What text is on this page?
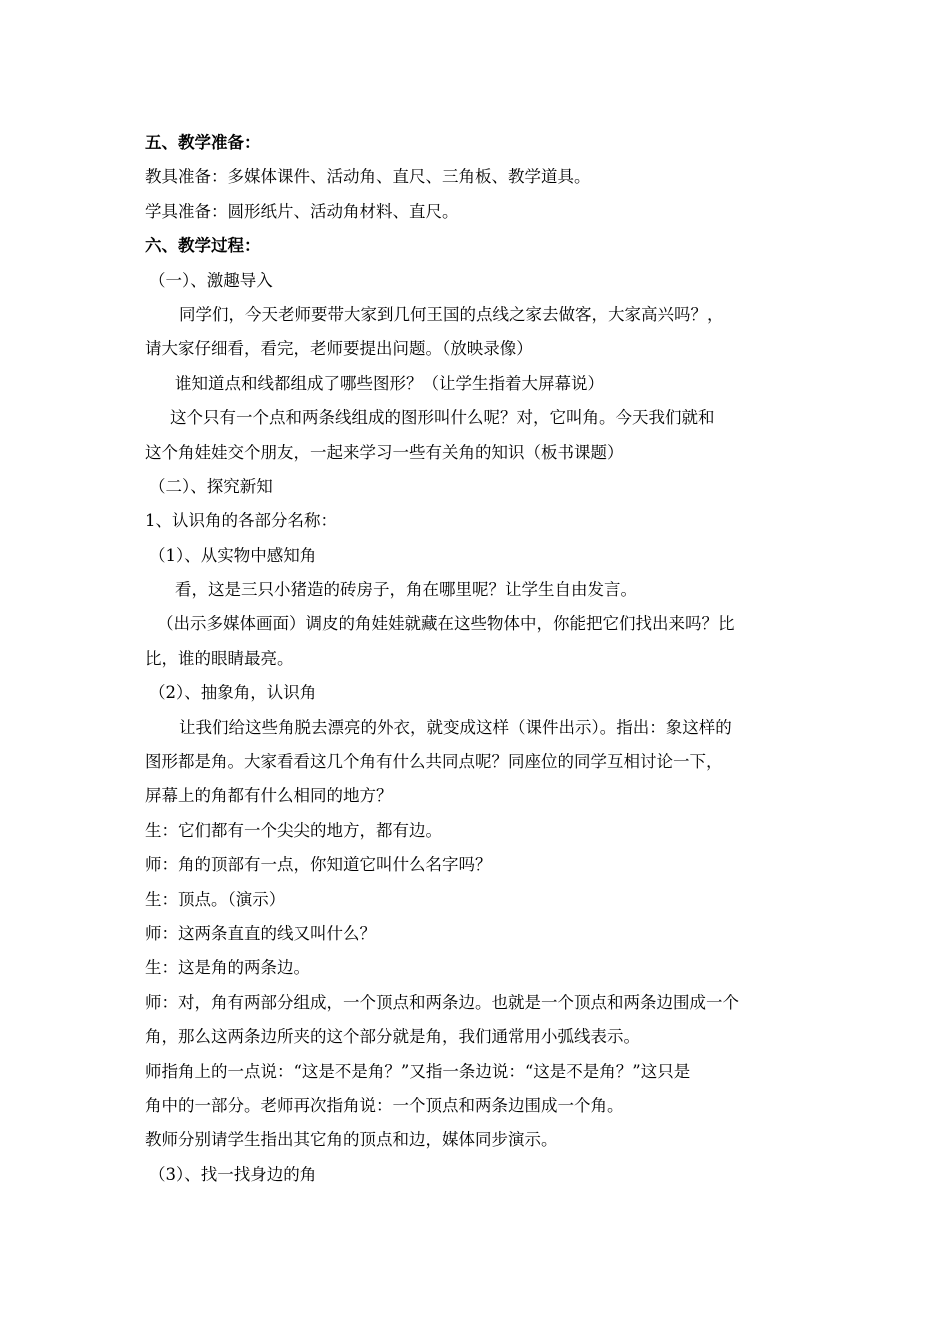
五、教学准备：
教具准备：多媒体课件、活动角、直尺、三角板、教学道具。
学具准备：圆形纸片、活动角材料、直尺。
六、教学过程：
（一）、激趣导入
同学们，今天老师要带大家到几何王国的点线之家去做客，大家高兴吗？，
请大家仔细看，看完，老师要提出问题。（放映录像）
谁知道点和线都组成了哪些图形？（让学生指着大屏幕说）
这个只有一个点和两条线组成的图形叫什么呢？对，它叫角。今天我们就和
这个角娃娃交个朋友，一起来学习一些有关角的知识（板书课题）
（二）、探究新知
1、认识角的各部分名称：
（1）、从实物中感知角
看，这是三只小猪造的砖房子，角在哪里呢？让学生自由发言。
（出示多媒体画面）调皮的角娃娃就藏在这些物体中，你能把它们找出来吗？比
比，谁的眼睛最亮。
（2）、抽象角，认识角
让我们给这些角脱去漂亮的外衣，就变成这样（课件出示）。指出：象这样的
图形都是角。大家看看这几个角有什么共同点呢？同座位的同学互相讨论一下，
屏幕上的角都有什么相同的地方？
生：它们都有一个尖尖的地方，都有边。
师：角的顶部有一点，你知道它叫什么名字吗？
生：顶点。（演示）
师：这两条直直的线又叫什么？
生：这是角的两条边。
师：对，角有两部分组成，一个顶点和两条边。也就是一个顶点和两条边围成一个
角，那么这两条边所夹的这个部分就是角，我们通常用小弧线表示。
师指角上的一点说：“这是不是角？”又指一条边说：“这是不是角？”这只是
角中的一部分。老师再次指角说：一个顶点和两条边围成一个角。
教师分别请学生指出其它角的顶点和边，媒体同步演示。
（3）、找一找身边的角
